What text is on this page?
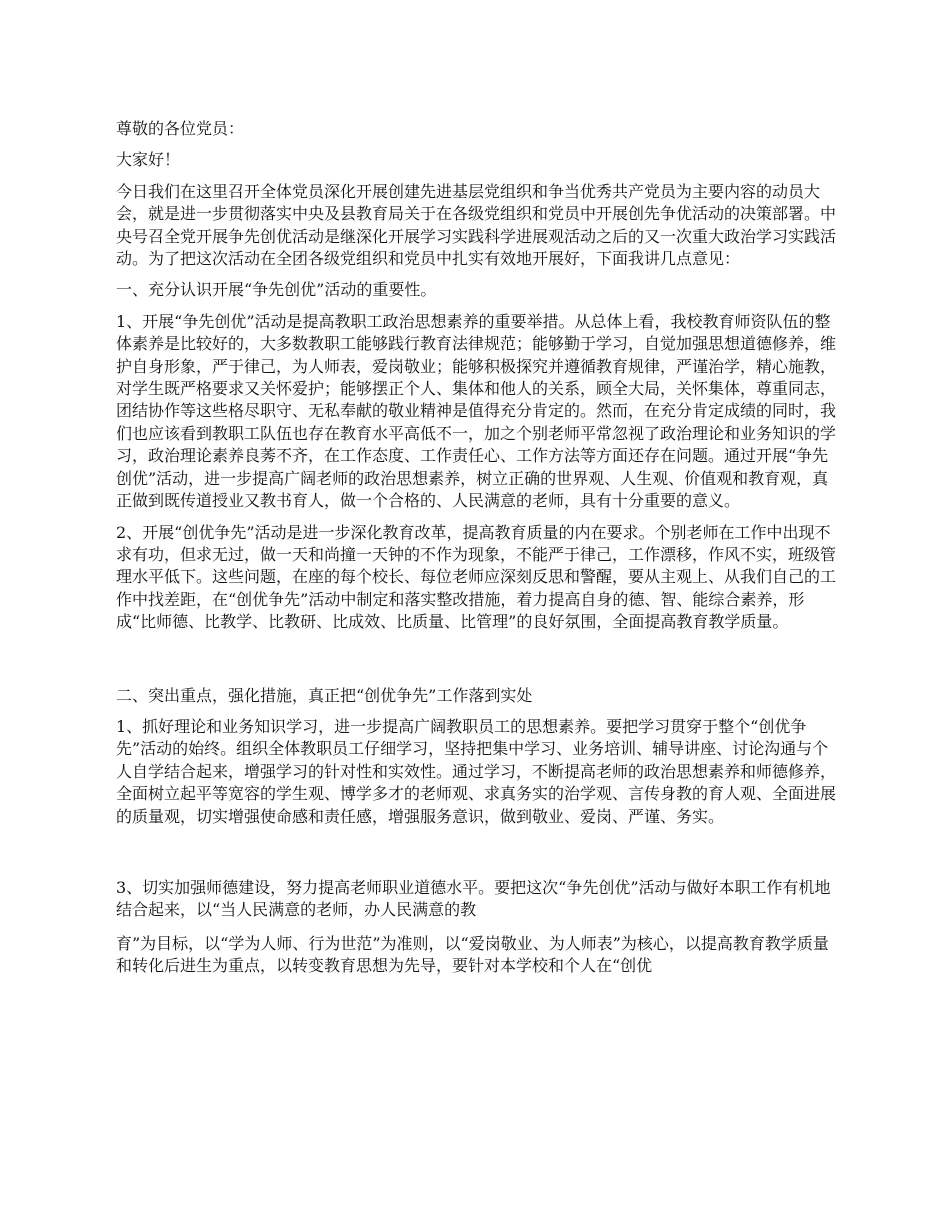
尊敬的各位党员：

大家好！

今日我们在这里召开全体党员深化开展创建先进基层党组织和争当优秀共产党员为主要内容的动员大会，就是进一步贯彻落实中央及县教育局关于在各级党组织和党员中开展创先争优活动的决策部署。中央号召全党开展争先创优活动是继深化开展学习实践科学进展观活动之后的又一次重大政治学习实践活动。为了把这次活动在全团各级党组织和党员中扎实有效地开展好，下面我讲几点意见：

一、充分认识开展“争先创优”活动的重要性。

1、开展“争先创优”活动是提高教职工政治思想素养的重要举措。从总体上看，我校教育师资队伍的整体素养是比较好的，大多数教职工能够践行教育法律规范；能够勤于学习，自觉加强思想道德修养，维护自身形象，严于律己，为人师表，爱岗敬业；能够积极探究并遵循教育规律，严谨治学，精心施教，对学生既严格要求又关怀爱护；能够摆正个人、集体和他人的关系，顾全大局，关怀集体，尊重同志，团结协作等这些格尽职守、无私奉献的敬业精神是值得充分肯定的。然而，在充分肯定成绩的同时，我们也应该看到教职工队伍也存在教育水平高低不一，加之个别老师平常忽视了政治理论和业务知识的学习，政治理论素养良莠不齐，在工作态度、工作责任心、工作方法等方面还存在问题。通过开展“争先创优”活动，进一步提高广阔老师的政治思想素养，树立正确的世界观、人生观、价值观和教育观，真正做到既传道授业又教书育人，做一个合格的、人民满意的老师，具有十分重要的意义。

2、开展“创优争先”活动是进一步深化教育改革，提高教育质量的内在要求。个别老师在工作中出现不求有功，但求无过，做一天和尚撞一天钟的不作为现象，不能严于律己，工作漂移，作风不实，班级管理水平低下。这些问题，在座的每个校长、每位老师应深刻反思和警醒，要从主观上、从我们自己的工作中找差距，在“创优争先”活动中制定和落实整改措施，着力提高自身的德、智、能综合素养，形成“比师德、比教学、比教研、比成效、比质量、比管理”的良好氛围，全面提高教育教学质量。

二、突出重点，强化措施，真正把“创优争先”工作落到实处

1、抓好理论和业务知识学习，进一步提高广阔教职员工的思想素养。要把学习贯穿于整个“创优争先”活动的始终。组织全体教职员工仔细学习，坚持把集中学习、业务培训、辅导讲座、讨论沟通与个人自学结合起来，增强学习的针对性和实效性。通过学习，不断提高老师的政治思想素养和师德修养，全面树立起平等宽容的学生观、博学多才的老师观、求真务实的治学观、言传身教的育人观、全面进展的质量观，切实增强使命感和责任感，增强服务意识，做到敬业、爱岗、严谨、务实。

3、切实加强师德建设，努力提高老师职业道德水平。要把这次“争先创优”活动与做好本职工作有机地结合起来，以“当人民满意的老师，办人民满意的教

育”为目标，以“学为人师、行为世范”为准则，以“爱岗敬业、为人师表”为核心，以提高教育教学质量和转化后进生为重点，以转变教育思想为先导，要针对本学校和个人在“创优
